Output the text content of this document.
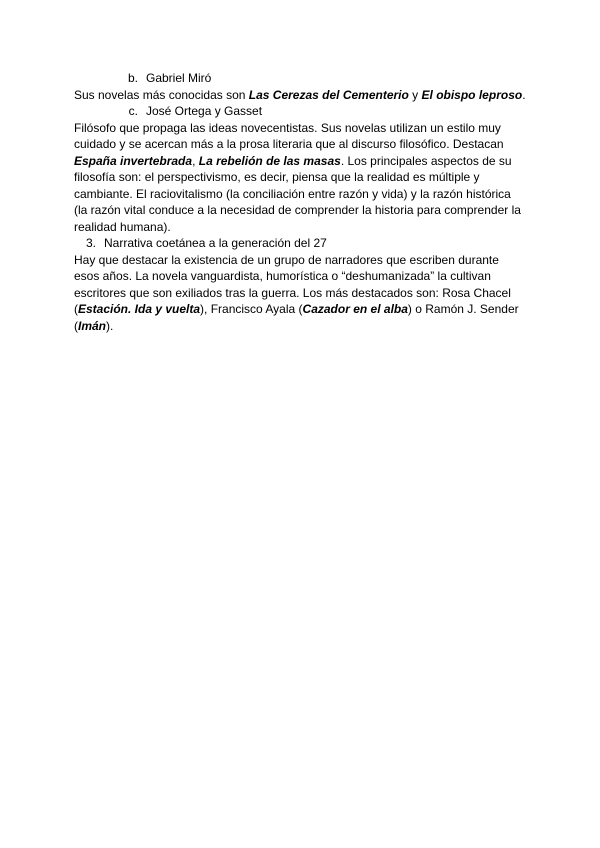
b. Gabriel Miró

Sus novelas más conocidas son Las Cerezas del Cementerio y El obispo leproso.

c. José Ortega y Gasset

Filósofo que propaga las ideas novecentistas. Sus novelas utilizan un estilo muy cuidado y se acercan más a la prosa literaria que al discurso filosófico. Destacan España invertebrada, La rebelión de las masas. Los principales aspectos de su filosofía son: el perspectivismo, es decir, piensa que la realidad es múltiple y cambiante. El raciovitalismo (la conciliación entre razón y vida) y la razón histórica (la razón vital conduce a la necesidad de comprender la historia para comprender la realidad humana).

3. Narrativa coetánea a la generación del 27

Hay que destacar la existencia de un grupo de narradores que escriben durante esos años. La novela vanguardista, humorística o “deshumanizada” la cultivan escritores que son exiliados tras la guerra. Los más destacados son: Rosa Chacel (Estación. Ida y vuelta), Francisco Ayala (Cazador en el alba) o Ramón J. Sender (Imán).
